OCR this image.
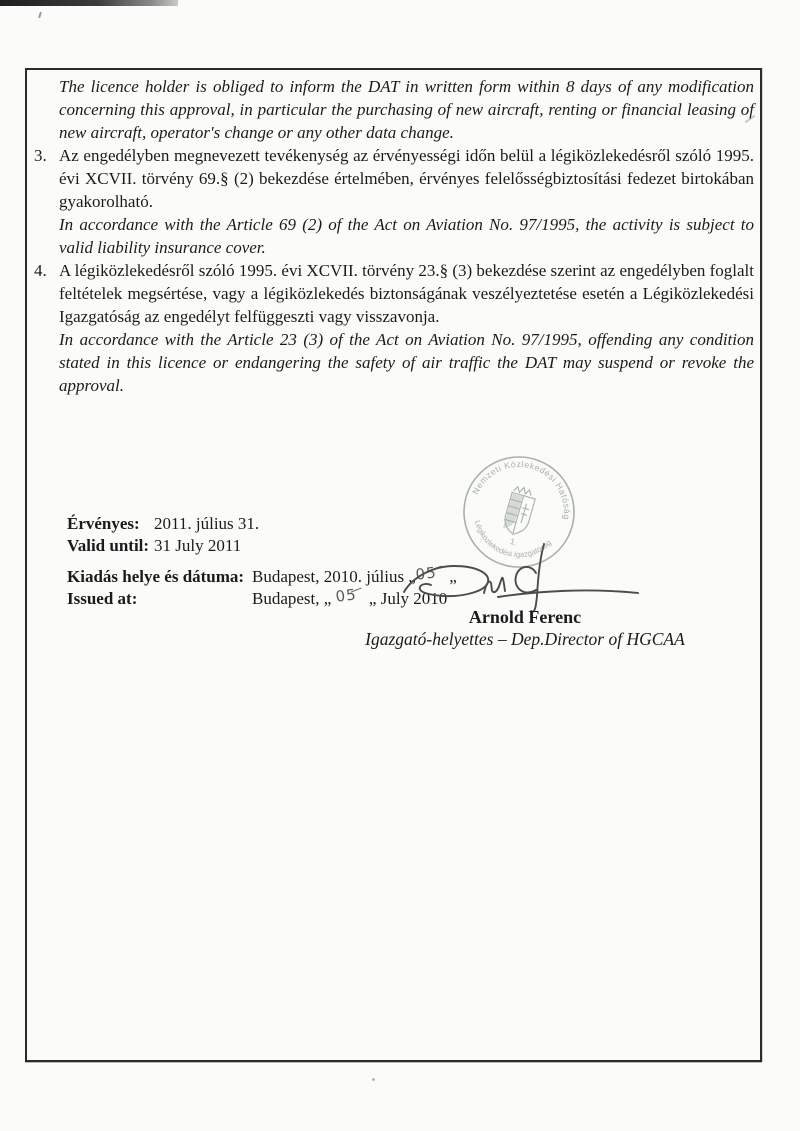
The licence holder is obliged to inform the DAT in written form within 8 days of any modification concerning this approval, in particular the purchasing of new aircraft, renting or financial leasing of new aircraft, operator's change or any other data change.

3. Az engedélyben megnevezett tevékenység az érvényességi időn belül a légiközlekedésről szóló 1995. évi XCVII. törvény 69.§ (2) bekezdése értelmében, érvényes felelősségbiztosítási fedezet birtokában gyakorolható.
In accordance with the Article 69 (2) of the Act on Aviation No. 97/1995, the activity is subject to valid liability insurance cover.
4. A légiközlekedésről szóló 1995. évi XCVII. törvény 23.§ (3) bekezdése szerint az engedélyben foglalt feltételek megsértése, vagy a légiközlekedés biztonságának veszélyeztetése esetén a Légiközlekedési Igazgatóság az engedélyt felfüggeszti vagy visszavonja.
In accordance with the Article 23 (3) of the Act on Aviation No. 97/1995, offending any condition stated in this licence or endangering the safety of air traffic the DAT may suspend or revoke the approval.
Érvényes: 2011. július 31.
Valid until: 31 July 2011
Kiadás helye és dátuma: Budapest, 2010. július „05 „
Issued at:	Budapest, „ 05 „ July 2010
Nemzeti Közlekedési Hatóság
Légiközlekedési Igazgatóság
1.
Arnold Ferenc
Igazgató-helyettes – Dep.Director of HGCAA
